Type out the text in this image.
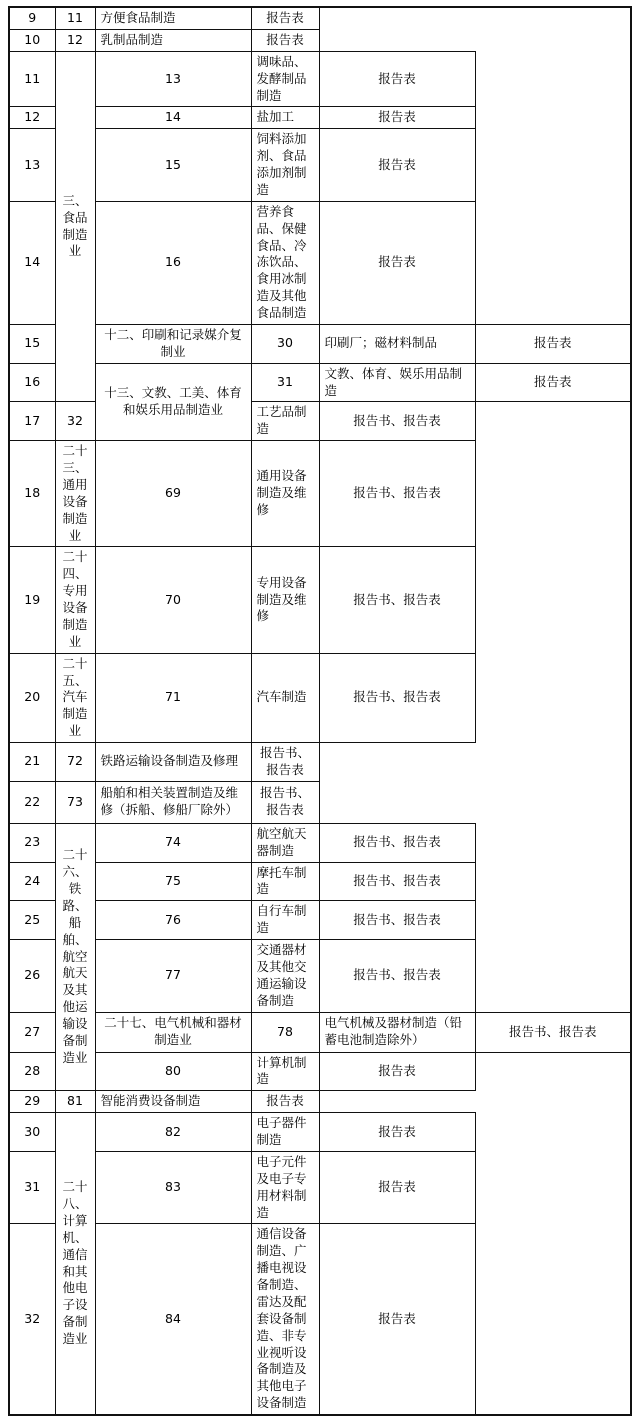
9	11	方便食品制造	报告表		
10	12	乳制品制造	报告表		
11	三、食品制造业	13	调味品、发酵制品制造	报告表	
12		14	盐加工	报告表	
13		15	饲料添加剂、食品添加剂制造	报告表	
14		16	营养食品、保健食品、冷冻饮品、食用冰制造及其他食品制造	报告表	
15		十二、印刷和记录媒介复制业	30	印刷厂；磁材料制品	报告表
16		十三、文教、工美、体育和娱乐用品制造业	31	文教、体育、娱乐用品制造	报告表
17	32		工艺品制造	报告书、报告表	
18	二十三、通用设备制造业	69	通用设备制造及维修	报告书、报告表	
19	二十四、专用设备制造业	70	专用设备制造及维修	报告书、报告表	
20	二十五、汽车制造业	71	汽车制造	报告书、报告表	
21	72	铁路运输设备制造及修理	报告书、报告表		
22	73	船舶和相关装置制造及维修（拆船、修船厂除外）	报告书、报告表		
23	二十六、铁路、船舶、航空航天及其他运输设备制造业	74	航空航天器制造	报告书、报告表	
24		75	摩托车制造	报告书、报告表	
25		76	自行车制造	报告书、报告表	
26		77	交通器材及其他交通运输设备制造	报告书、报告表	
27		二十七、电气机械和器材制造业	78	电气机械及器材制造（铅蓄电池制造除外）	报告书、报告表
28		80	计算机制造	报告表	
29	81	智能消费设备制造	报告表		
30	二十八、计算机、通信和其他电子设备制造业	82	电子器件制造	报告表	
31		83	电子元件及电子专用材料制造	报告表	
32		84	通信设备制造、广播电视设备制造、雷达及配套设备制造、非专业视听设备制造及其他电子设备制造	报告表	
